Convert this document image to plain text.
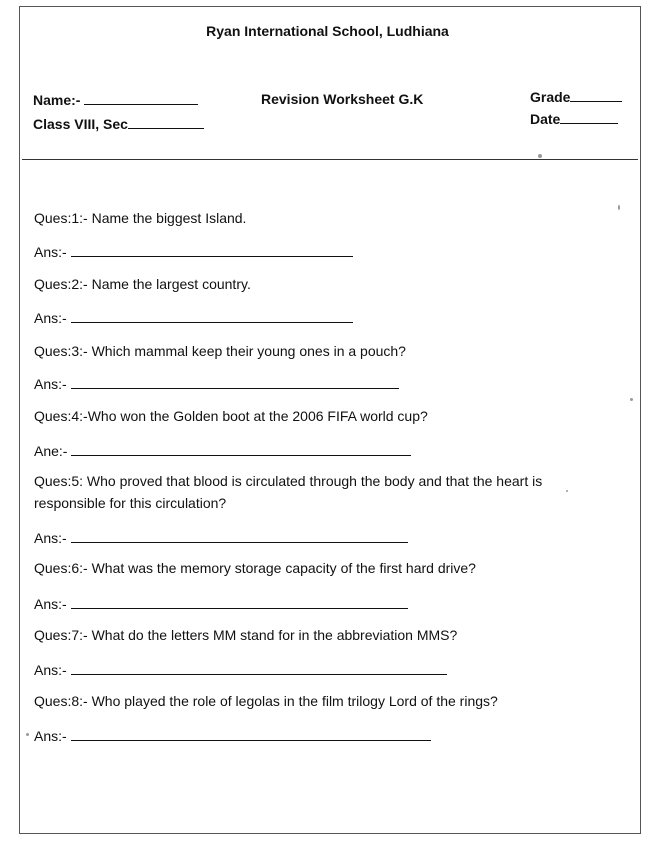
Ryan International School, Ludhiana
Name:-
Class VIII, Sec
Revision Worksheet G.K	Grade
Date
Ques:1:- Name the biggest Island.
Ans:-
Ques:2:- Name the largest country.
Ans:-
Ques:3:- Which mammal keep their young ones in a pouch?
Ans:-
Ques:4:-Who won the Golden boot at the 2006 FIFA world cup?
Ane:-
Ques:5: Who proved that blood is circulated through the body and that the heart is responsible for this circulation?
Ans:-
Ques:6:- What was the memory storage capacity of the first hard drive?
Ans:-
Ques:7:- What do the letters MM stand for in the abbreviation MMS?
Ans:-
Ques:8:- Who played the role of legolas in the film trilogy Lord of the rings?
Ans:-
